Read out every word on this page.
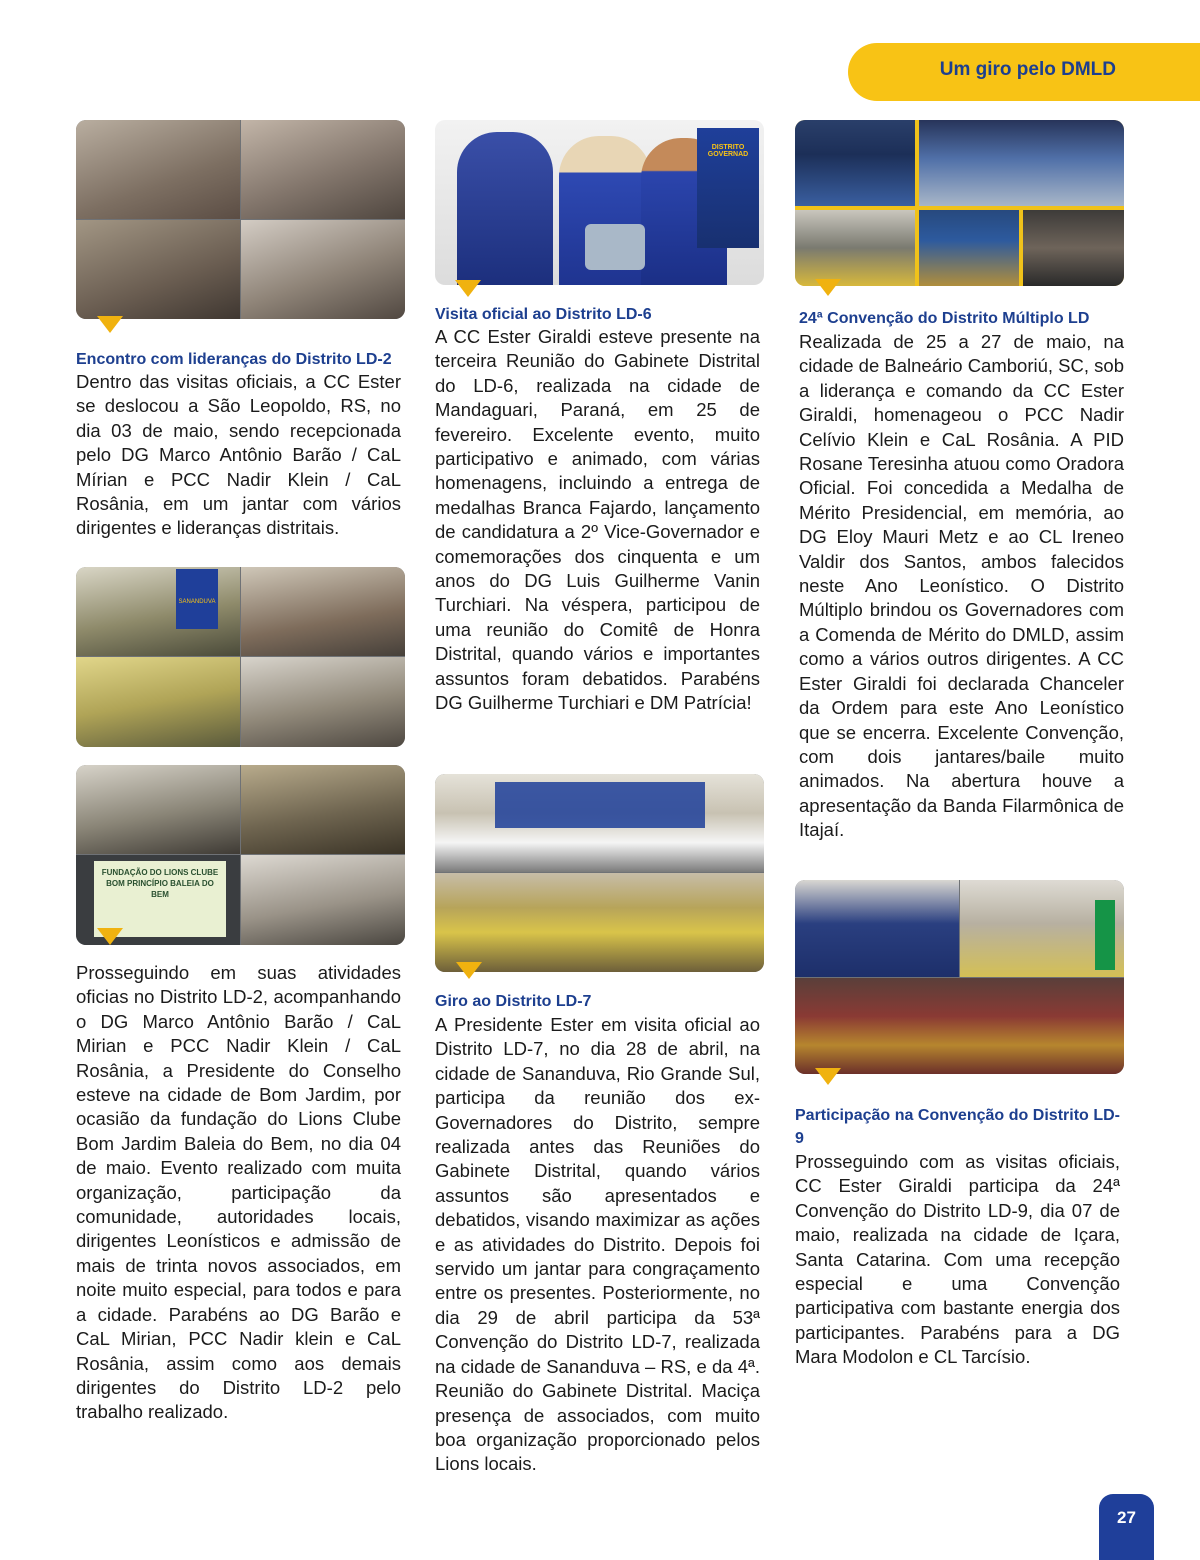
Um giro pelo DMLD
Encontro com lideranças do Distrito LD-2

Dentro das visitas oficiais, a CC Ester se deslocou a São Leopoldo, RS, no dia 03 de maio, sendo recepcionada pelo DG Marco Antônio Barão / CaL Mírian e PCC Nadir Klein / CaL Rosânia, em um jantar com vários dirigentes e lideranças distritais.

SANANDUVA
FUNDAÇÃO DO LIONS CLUBE BOM PRINCÍPIO BALEIA DO BEM

Prosseguindo em suas atividades oficias no Distrito LD-2, acompanhando o DG Marco Antônio Barão / CaL Mirian e PCC Nadir Klein / CaL Rosânia, a Presidente do Conselho esteve na cidade de Bom Jardim, por ocasião da fundação do Lions Clube Bom Jardim Baleia do Bem, no dia 04 de maio. Evento realizado com muita organização, participação da comunidade, autoridades locais, dirigentes Leonísticos e admissão de mais de trinta novos associados, em noite muito especial, para todos e para a cidade. Parabéns ao DG Barão e CaL Mirian, PCC Nadir klein e CaL Rosânia, assim como aos demais dirigentes do Distrito LD-2 pelo trabalho realizado.

DISTRITO GOVERNAD
Visita oficial ao Distrito LD-6

A CC Ester Giraldi esteve presente na terceira Reunião do Gabinete Distrital do LD-6, realizada na cidade de Mandaguari, Paraná, em 25 de fevereiro. Excelente evento, muito participativo e animado, com várias homenagens, incluindo a entrega de medalhas Branca Fajardo, lançamento de candidatura a 2º Vice-Governador e comemorações dos cinquenta e um anos do DG Luis Guilherme Vanin Turchiari. Na véspera, participou de uma reunião do Comitê de Honra Distrital, quando vários e importantes assuntos foram debatidos. Parabéns DG Guilherme Turchiari e DM Patrícia!

Giro ao Distrito LD-7

A Presidente Ester em visita oficial ao Distrito LD-7, no dia 28 de abril, na cidade de Sananduva, Rio Grande Sul, participa da reunião dos ex-Governadores do Distrito, sempre realizada antes das Reuniões do Gabinete Distrital, quando vários assuntos são apresentados e debatidos, visando maximizar as ações e as atividades do Distrito. Depois foi servido um jantar para congraçamento entre os presentes. Posteriormente, no dia 29 de abril participa da 53ª Convenção do Distrito LD-7, realizada na cidade de Sananduva – RS, e da 4ª. Reunião do Gabinete Distrital. Maciça presença de associados, com muito boa organização proporcionado pelos Lions locais.

24ª Convenção do Distrito Múltiplo LD

Realizada de 25 a 27 de maio, na cidade de Balneário Camboriú, SC, sob a liderança e comando da CC Ester Giraldi, homenageou o PCC Nadir Celívio Klein e CaL Rosânia. A PID Rosane Teresinha atuou como Oradora Oficial. Foi concedida a Medalha de Mérito Presidencial, em memória, ao DG Eloy Mauri Metz e ao CL Ireneo Valdir dos Santos, ambos falecidos neste Ano Leonístico. O Distrito Múltiplo brindou os Governadores com a Comenda de Mérito do DMLD, assim como a vários outros dirigentes. A CC Ester Giraldi foi declarada Chanceler da Ordem para este Ano Leonístico que se encerra. Excelente Convenção, com dois jantares/baile muito animados. Na abertura houve a apresentação da Banda Filarmônica de Itajaí.

Participação na Convenção do Distrito LD-9

Prosseguindo com as visitas oficiais, CC Ester Giraldi participa da 24ª Convenção do Distrito LD-9, dia 07 de maio, realizada na cidade de Içara, Santa Catarina. Com uma recepção especial e uma Convenção participativa com bastante energia dos participantes. Parabéns para a DG Mara Modolon e CL Tarcísio.

27
